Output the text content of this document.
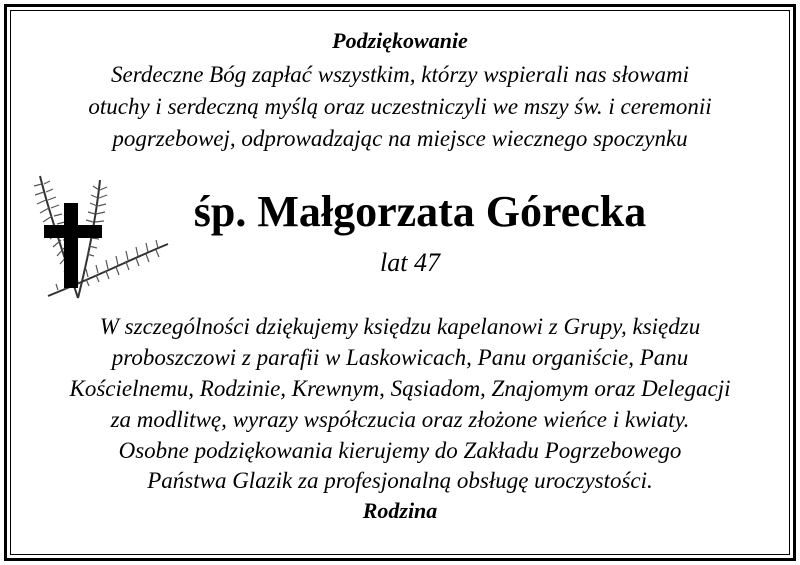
Podziękowanie
Serdeczne Bóg zapłać wszystkim, którzy wspierali nas słowami
otuchy i serdeczną myślą oraz uczestniczyli we mszy św. i ceremonii
pogrzebowej, odprowadzając na miejsce wiecznego spoczynku
śp. Małgorzata Górecka
lat 47
W szczególności dziękujemy księdzu kapelanowi z Grupy, księdzu
proboszczowi z parafii w Laskowicach, Panu organiście, Panu
Kościelnemu, Rodzinie, Krewnym, Sąsiadom, Znajomym oraz Delegacji
za modlitwę, wyrazy współczucia oraz złożone wieńce i kwiaty.
Osobne podziękowania kierujemy do Zakładu Pogrzebowego
Państwa Glazik za profesjonalną obsługę uroczystości.
Rodzina
